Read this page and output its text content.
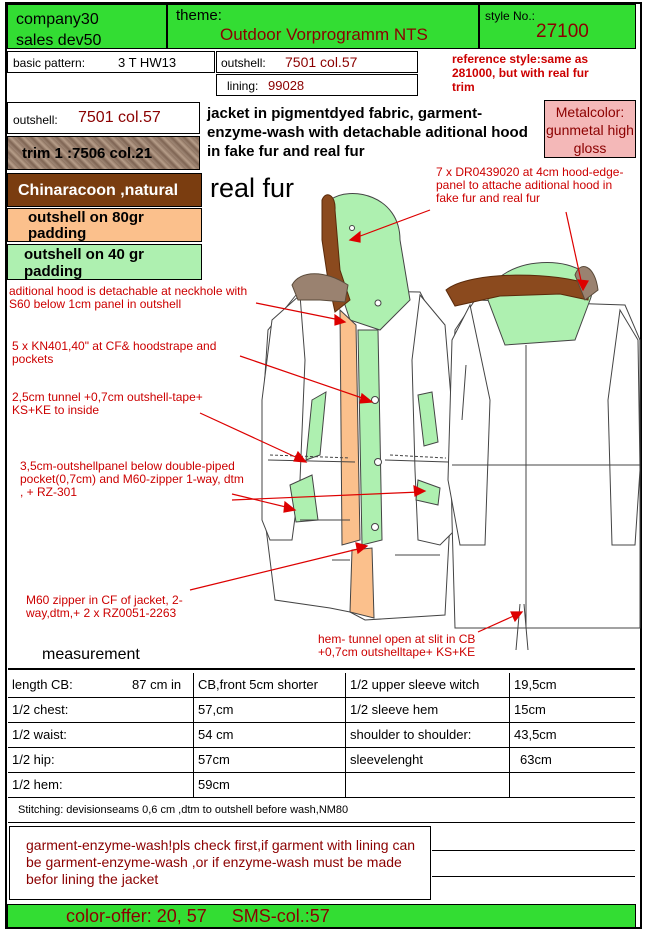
company30
sales dev50
theme:
Outdoor Vorprogramm NTS
style No.:
27100
basic pattern:	3 T HW13	outshell: 7501 col.57
lining: 99028
reference style:same as 281000, but with real fur trim
outshell: 7501 col.57
trim 1 :7506 col.21
Chinaracoon ,natural
outshell on 80gr padding
outshell on 40 gr padding
jacket in pigmentdyed fabric, garment-enzyme-wash with detachable aditional hood in fake fur and real fur
Metalcolor: gunmetal high gloss
real fur
7 x DR0439020 at 4cm hood-edge-panel to attache aditional hood in fake fur and real fur
aditional hood is detachable at neckhole with S60 below 1cm panel in outshell
5 x KN401,40" at CF& hoodstrape and pockets
2,5cm tunnel +0,7cm outshell-tape+ KS+KE to inside
3,5cm-outshellpanel below double-piped pocket(0,7cm) and M60-zipper 1-way, dtm , + RZ-301
M60 zipper in CF of jacket, 2-way,dtm,+ 2 x RZ0051-2263
hem- tunnel open at slit in CB +0,7cm outshelltape+ KS+KE
measurement
length CB:	87 cm in	CB,front 5cm shorter	1/2 upper sleeve witch	19,5cm
1/2 chest:	57,cm	1/2 sleeve hem	15cm
1/2 waist:	54 cm	shoulder to shoulder:	43,5cm
1/2 hip:	57cm	sleevelenght	63cm
1/2 hem:	59cm
Stitching: devisionseams 0,6 cm ,dtm to outshell before wash,NM80
garment-enzyme-wash!pls check first,if garment with lining can be garment-enzyme-wash ,or if enzyme-wash must be made befor lining the jacket
color-offer: 20, 57     SMS-col.:57
